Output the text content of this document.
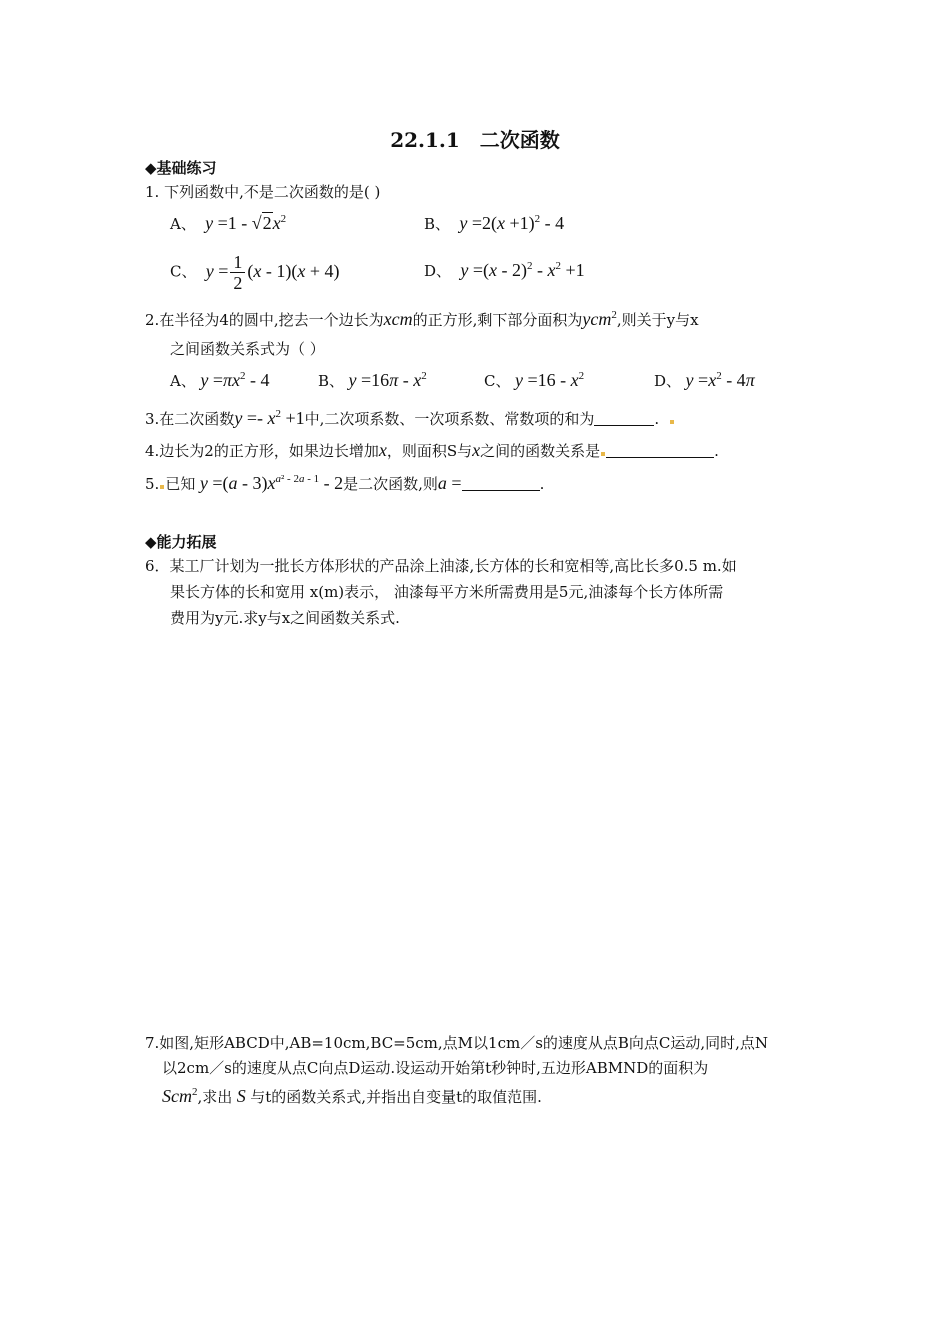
22.1.1　二次函数
◆基础练习
1. 下列函数中,不是二次函数的是( )
A、 $y =1 - √2x^2$	B、 $y =2(x +1)^2 - 4$
C、 $y = \frac{1}{2} (x - 1)(x + 4)$	D、 $y =(x - 2)^2 - x^2 +1$
2.在半径为4的圆中,挖去一个边长为xcm的正方形,剩下部分面积为ycm$^2$,则关于y与x
之间函数关系式为（ ）
A、 $y =\pi x^2 - 4$	B、 $y =16\pi - x^2$	C、 $y =16 - x^2$	D、 $y =x^2 - 4\pi$
3.在二次函数$y =- x^2 +1$中,二次项系数、一次项系数、常数项的和为	.
4.边长为2的正方形，如果边长增加x，则面积S与x之间的函数关系是	.
5. 已知 $y =(a - 3)x^{a^2 - 2a - 1} - 2$是二次函数,则a =	.
◆能力拓展
6．某工厂计划为一批长方体形状的产品涂上油漆,长方体的长和宽相等,高比长多0.5 m.如
果长方体的长和宽用 x(m)表示， 油漆每平方米所需费用是5元,油漆每个长方体所需
费用为y元.求y与x之间函数关系式.
7.如图,矩形ABCD中,AB=10cm,BC=5cm,点M以1cm／s的速度从点B向点C运动,同时,点N
以2cm／s的速度从点C向点D运动.设运动开始第t秒钟时,五边形ABMND的面积为
Scm$^2$,求出 S 与t的函数关系式,并指出自变量t的取值范围.
